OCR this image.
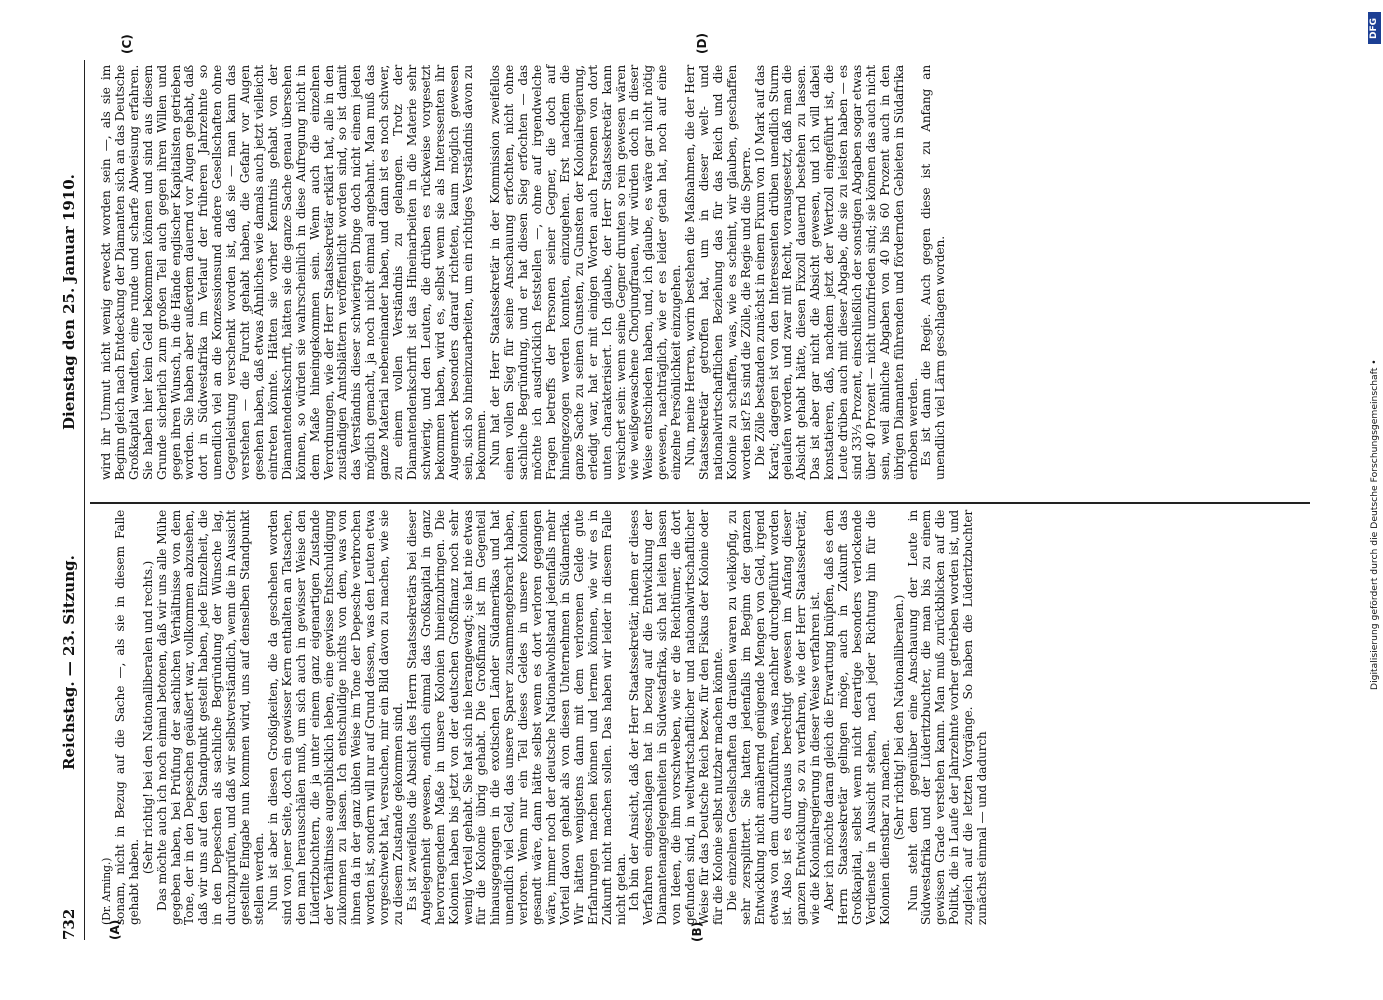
732
Reichstag. — 23. Sitzung.
Dienstag den 25. Januar 1910.
(A)	(B)
(C)	(D)

(Dr. Arning.) sonam, nicht in Bezug auf die Sache —, als sie in diesem Falle gehabt haben.

(Sehr richtig! bei den Nationalliberalen und rechts.) Das möchte auch ich noch einmal betonen, daß wir uns alle Mühe gegeben haben, bei Prüfung der sachlichen Verhältnisse von dem Tone, der in den Depeschen geäußert war, vollkommen abzusehen, daß wir uns auf den Standpunkt gestellt haben, jede Einzelheit, die in den Depeschen als sachliche Begründung der Wünsche lag, durchzuprüfen, und daß wir selbstverständlich, wenn die in Aussicht gestellte Eingabe nun kommen wird, uns auf denselben Standpunkt stellen werden. Nun ist aber in diesen Großigkeiten, die da geschehen worden sind von jener Seite, doch ein gewisser Kern enthalten an Tatsachen, den man herausschälen muß, um sich auch in gewisser Weise den Lüderitzbuchtern, die ja unter einem ganz eigenartigen Zustande der Verhältnisse augenblicklich leben, eine gewisse Entschuldigung zukommen zu lassen. Ich entschuldige nichts von dem, was von ihnen da in der ganz üblen Weise im Tone der Depesche verbrochen worden ist, sondern will nur auf Grund dessen, was den Leuten etwa vorgeschwebt hat, versuchen, mir ein Bild davon zu machen, wie sie zu diesem Zustande gekommen sind. Es ist zweifellos die Absicht des Herrn Staatssekretärs bei dieser Angelegenheit gewesen, endlich einmal das Großkapital in ganz hervorragendem Maße in unsere Kolonien hineinzubringen. Die Kolonien haben bis jetzt von der deutschen Großfinanz noch sehr wenig Vorteil gehabt. Sie hat sich nie herangewagt; sie hat nie etwas für die Kolonie übrig gehabt. Die Großfinanz ist im Gegenteil hinausgegangen in die exotischen Länder Südamerikas und hat unendlich viel Geld, das unsere Sparer zusammengebracht haben, verloren. Wenn nur ein Teil dieses Geldes in unsere Kolonien gesandt wäre, dann hätte selbst wenn es dort verloren gegangen wäre, immer noch der deutsche Nationalwohlstand jedenfalls mehr Vorteil davon gehabt als von diesen Unternehmen in Südamerika. Wir hätten wenigstens dann mit dem verlorenen Gelde gute Erfahrungen machen können und lernen können, wie wir es in Zukunft nicht machen sollen. Das haben wir leider in diesem Falle nicht getan. Ich bin der Ansicht, daß der Herr Staatssekretär, indem er dieses Verfahren eingeschlagen hat in bezug auf die Entwicklung der Diamantenangelegenheiten in Südwestafrika, sich hat leiten lassen von Ideen, die ihm vorschweben, wie er die Reichtümer, die dort gefunden sind, in weltwirtschaftlicher und nationalwirtschaftlicher Weise für das Deutsche Reich bezw. für den Fiskus der Kolonie oder für die Kolonie selbst nutzbar machen könnte. Die einzelnen Gesellschaften da draußen waren zu vielköpfig, zu sehr zersplittert. Sie hatten jedenfalls im Beginn der ganzen Entwicklung nicht annähernd genügende Mengen von Geld, irgend etwas von dem durchzuführen, was nachher durchgeführt worden ist. Also ist es durchaus berechtigt gewesen im Anfang dieser ganzen Entwicklung, so zu verfahren, wie der Herr Staatssekretär, wie die Kolonialregierung in dieser Weise verfahren ist. Aber ich möchte daran gleich die Erwartung knüpfen, daß es dem Herrn Staatssekretär gelingen möge, auch in Zukunft das Großkapital, selbst wenn nicht derartige besonders verlockende Verdienste in Aussicht stehen, nach jeder Richtung hin für die Kolonien dienstbar zu machen. (Sehr richtig! bei den Nationalliberalen.) Nun steht dem gegenüber eine Anschauung der Leute in Südwestafrika und der Lüderitzbuchter, die man bis zu einem gewissen Grade verstehen kann. Man muß zurückblicken auf die Politik, die in Laufe der Jahrzehnte vorher getrieben worden ist, und zugleich auf die letzten Vorgänge. So haben die Lüderitzbuchter zunächst einmal — und dadurch

wird ihr Unmut nicht wenig erweckt worden sein —, als sie im Beginn gleich nach Entdeckung der Diamanten sich an das Deutsche Großkapital wandten, eine runde und scharfe Abweisung erfahren. Sie haben hier kein Geld bekommen können und sind aus diesem Grunde sicherlich zum großen Teil auch gegen ihren Willen und gegen ihren Wunsch, in die Hände englischer Kapitalisten getrieben worden. Sie haben aber außerdem dauernd vor Augen gehabt, daß dort in Südwestafrika im Verlauf der früheren Jahrzehnte so unendlich viel an die Konzessionsund andere Gesellschaften ohne Gegenleistung verschenkt worden ist, daß sie — man kann das verstehen — die Furcht gehabt haben, die Gefahr vor Augen gesehen haben, daß etwas Ähnliches wie damals auch jetzt vielleicht eintreten könnte. Hätten sie vorher Kenntnis gehabt von der Diamantendenkschrift, hätten sie die ganze Sache genau übersehen können, so würden sie wahrscheinlich in diese Aufregung nicht in dem Maße hineingekommen sein. Wenn auch die einzelnen Verordnungen, wie der Herr Staatssekretär erklärt hat, alle in den zuständigen Amtsblättern veröffentlicht worden sind, so ist damit das Verständnis dieser schwierigen Dinge doch nicht einem jeden möglich gemacht, ja noch nicht einmal angebahnt. Man muß das ganze Material nebeneinander haben, und dann ist es noch schwer, zu einem vollen Verständnis zu gelangen. Trotz der Diamantendenkschrift ist das Hineinarbeiten in die Materie sehr schwierig, und den Leuten, die drüben es rückweise vorgesetzt bekommen haben, wird es, selbst wenn sie als Interessenten ihr Augenmerk besonders darauf richteten, kaum möglich gewesen sein, sich so hineinzuarbeiten, um ein richtiges Verständnis davon zu bekommen. Nun hat der Herr Staatssekretär in der Kommission zweifellos einen vollen Sieg für seine Anschauung erfochten, nicht ohne sachliche Begründung, und er hat diesen Sieg erfochten — das möchte ich ausdrücklich feststellen —, ohne auf irgendwelche Fragen betreffs der Personen seiner Gegner, die doch auf hineingezogen werden konnten, einzugehen. Erst nachdem die ganze Sache zu seinen Gunsten, zu Gunsten der Kolonialregierung, erledigt war, hat er mit einigen Worten auch Personen von dort unten charakterisiert. Ich glaube, der Herr Staatssekretär kann versichert sein: wenn seine Gegner drunten so rein gewesen wären wie weißgewaschene Chorjungfrauen, wir würden doch in dieser Weise entschieden haben, und, ich glaube, es wäre gar nicht nötig gewesen, nachträglich, wie er es leider getan hat, noch auf eine einzelne Persönlichkeit einzugehen. Nun, meine Herren, worin bestehen die Maßnahmen, die der Herr Staatssekretär getroffen hat, um in dieser welt- und nationalwirtschaftlichen Beziehung das für das Reich und die Kolonie zu schaffen, was, wie es scheint, wir glauben, geschaffen worden ist? Es sind die Zölle, die Regie und die Sperre. Die Zölle bestanden zunächst in einem Fixum von 10 Mark auf das Karat; dagegen ist von den Interessenten drüben unendlich Sturm gelaufen worden, und zwar mit Recht, vorausgesetzt, daß man die Absicht gehabt hätte, diesen Fixzoll dauernd bestehen zu lassen. Das ist aber gar nicht die Absicht gewesen, und ich will dabei konstatieren, daß, nachdem jetzt der Wertzoll eingeführt ist, die Leute drüben auch mit dieser Abgabe, die sie zu leisten haben — es sind 33⅓ Prozent, einschließlich der sonstigen Abgaben sogar etwas über 40 Prozent — nicht unzufrieden sind; sie können das auch nicht sein, weil ähnliche Abgaben von 40 bis 60 Prozent auch in den übrigen Diamanten führenden und fördernden Gebieten in Südafrika erhoben werden. Es ist dann die Regie. Auch gegen diese ist zu Anfang an unendlich viel Lärm geschlagen worden.

DFG
Digitalisierung gefördert durch die Deutsche Forschungsgemeinschaft •
